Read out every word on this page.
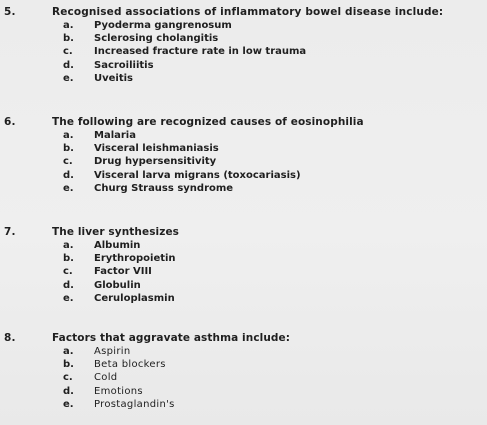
5.	Recognised associations of inflammatory bowel disease include:
a. Pyoderma gangrenosum
b. Sclerosing cholangitis
c. Increased fracture rate in low trauma
d. Sacroiliitis
e. Uveitis
6.	The following are recognized causes of eosinophilia
a. Malaria
b. Visceral leishmaniasis
c. Drug hypersensitivity
d. Visceral larva migrans (toxocariasis)
e. Churg Strauss syndrome
7.	The liver synthesizes
a. Albumin
b. Erythropoietin
c. Factor VIII
d. Globulin
e. Ceruloplasmin
8.	Factors that aggravate asthma include:
a. Aspirin
b. Beta blockers
c. Cold
d. Emotions
e. Prostaglandin's
